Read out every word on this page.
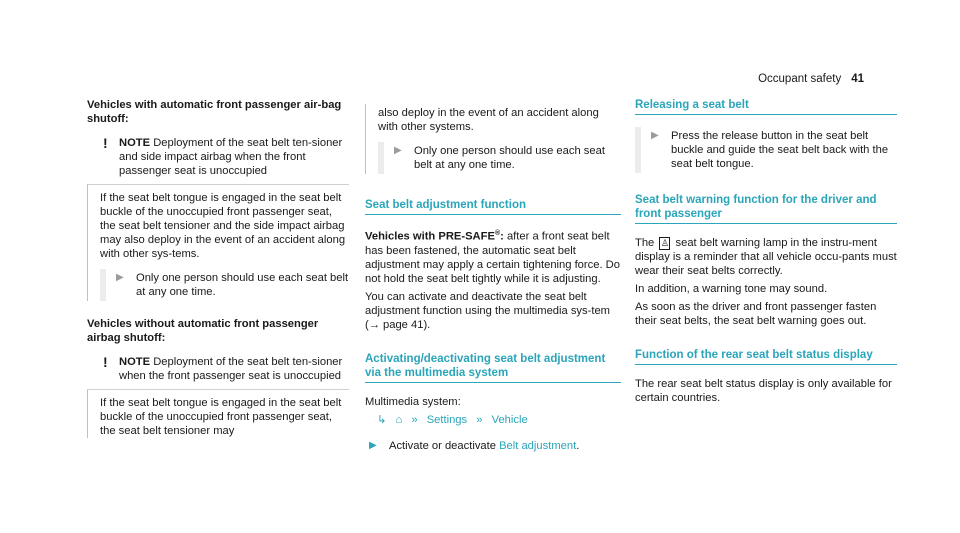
Occupant safety 41

Vehicles with automatic front passenger air-bag shutoff:

!	NOTE Deployment of the seat belt ten-sioner and side impact airbag when the front passenger seat is unoccupied

If the seat belt tongue is engaged in the seat belt buckle of the unoccupied front passenger seat, the seat belt tensioner and the side impact airbag may also deploy in the event of an accident along with other sys-tems.

▶	Only one person should use each seat belt at any one time.

Vehicles without automatic front passenger airbag shutoff:

!	NOTE Deployment of the seat belt ten-sioner when the front passenger seat is unoccupied

If the seat belt tongue is engaged in the seat belt buckle of the unoccupied front passenger seat, the seat belt tensioner may

also deploy in the event of an accident along with other systems.

▶	Only one person should use each seat belt at any one time.
Seat belt adjustment function

Vehicles with PRE-SAFE®: after a front seat belt has been fastened, the automatic seat belt adjustment may apply a certain tightening force. Do not hold the seat belt tightly while it is adjusting.

You can activate and deactivate the seat belt adjustment function using the multimedia sys-tem (→ page 41).

Activating/deactivating seat belt adjustment via the multimedia system

Multimedia system:

↳ ⌂ » Settings » Vehicle
▶	Activate or deactivate Belt adjustment.
Releasing a seat belt
▶	Press the release button in the seat belt buckle and guide the seat belt back with the seat belt tongue.
Seat belt warning function for the driver and front passenger

The ♙ seat belt warning lamp in the instru-ment display is a reminder that all vehicle occu-pants must wear their seat belts correctly.

In addition, a warning tone may sound.

As soon as the driver and front passenger fasten their seat belts, the seat belt warning goes out.

Function of the rear seat belt status display

The rear seat belt status display is only available for certain countries.
